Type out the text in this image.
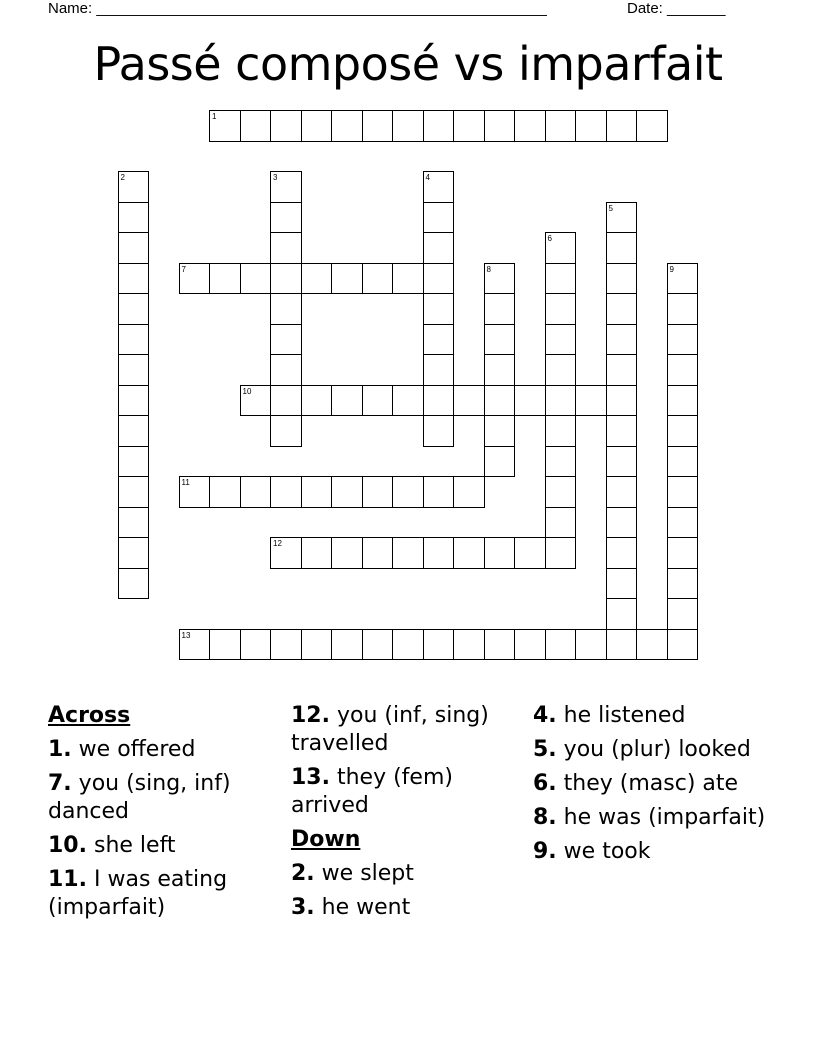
Name: ______________________________________________________	Date: _______
Passé composé vs imparfait
1
2	3	4
5
6
7	8	9
10
11
12
13
Across
1. we offered
7. you (sing, inf) danced
10. she left
11. I was eating (imparfait)
12. you (inf, sing) travelled
13. they (fem) arrived
Down
2. we slept
3. he went
4. he listened
5. you (plur) looked
6. they (masc) ate
8. he was (imparfait)
9. we took
